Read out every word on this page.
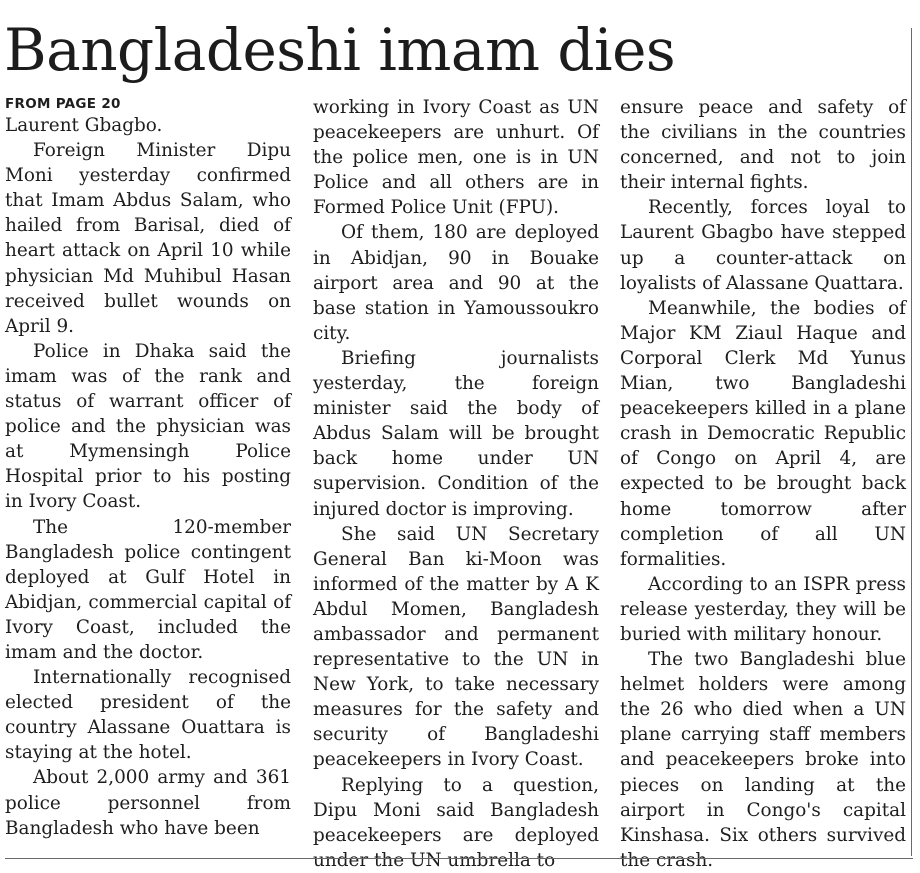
Bangladeshi imam dies
FROM PAGE 20

Laurent Gbagbo.

Foreign Minister Dipu Moni yesterday confirmed that Imam Abdus Salam, who hailed from Barisal, died of heart attack on April 10 while physician Md Muhibul Hasan received bullet wounds on April 9.

Police in Dhaka said the imam was of the rank and status of warrant officer of police and the physician was at Mymensingh Police Hospital prior to his posting in Ivory Coast.

The 120-member Bangladesh police contingent deployed at Gulf Hotel in Abidjan, commercial capital of Ivory Coast, included the imam and the doctor.

Internationally recognised elected president of the country Alassane Ouattara is staying at the hotel.

About 2,000 army and 361 police personnel from Bangladesh who have been

working in Ivory Coast as UN peacekeepers are unhurt. Of the police men, one is in UN Police and all others are in Formed Police Unit (FPU).

Of them, 180 are deployed in Abidjan, 90 in Bouake airport area and 90 at the base station in Yamoussoukro city.

Briefing journalists yesterday, the foreign minister said the body of Abdus Salam will be brought back home under UN supervision. Condition of the injured doctor is improving.

She said UN Secretary General Ban ki-Moon was informed of the matter by A K Abdul Momen, Bangladesh ambassador and permanent representative to the UN in New York, to take necessary measures for the safety and security of Bangladeshi peacekeepers in Ivory Coast.

Replying to a question, Dipu Moni said Bangladesh peacekeepers are deployed under the UN umbrella to

ensure peace and safety of the civilians in the countries concerned, and not to join their internal fights.

Recently, forces loyal to Laurent Gbagbo have stepped up a counter-attack on loyalists of Alassane Quattara.

Meanwhile, the bodies of Major KM Ziaul Haque and Corporal Clerk Md Yunus Mian, two Bangladeshi peacekeepers killed in a plane crash in Democratic Republic of Congo on April 4, are expected to be brought back home tomorrow after completion of all UN formalities.

According to an ISPR press release yesterday, they will be buried with military honour.

The two Bangladeshi blue helmet holders were among the 26 who died when a UN plane carrying staff members and peacekeepers broke into pieces on landing at the airport in Congo's capital Kinshasa. Six others survived the crash.
